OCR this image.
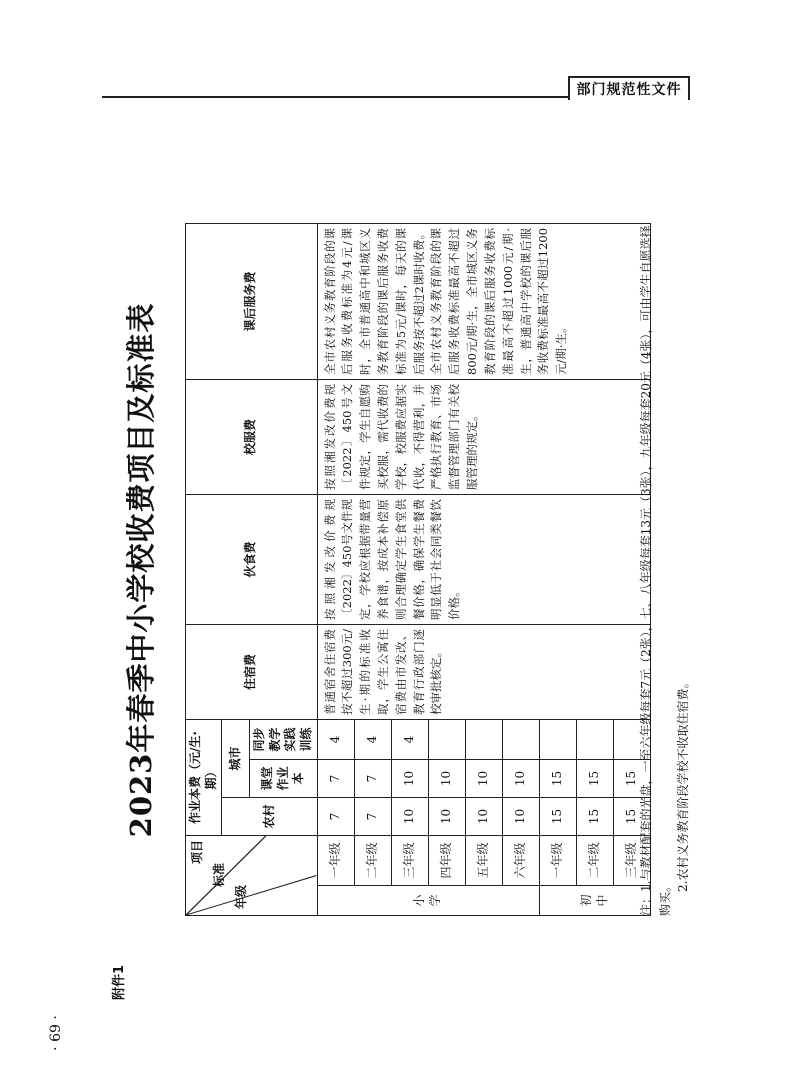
部门规范性文件
· 69 ·
附件1
2023年春季中小学校收费项目及标准表
项目
标准
年级		作业本费（元/生·期）			住宿费	伙食费	校服费	课后服务费
		农村	城市					
			课堂作业本	同步教学实践训练				
小学	一年级	7	7	4	普通宿舍住宿费按不超过300元/生·期的标准收取，学生公寓住宿费由市发改、教育行政部门逐校审批核定。	按照湘发改价费规〔2022〕450号文件规定，学校应根据带量营养食谱，按成本补偿原则合理确定学生食堂供餐价格，确保学生餐费明显低于社会同类餐饮价格。	按照湘发改价费规〔2022〕450号文件规定，学生自愿购买校服，需代收费的学校，校服费应据实代收，不得营利，并严格执行教育、市场监督管理部门有关校服管理的规定。	全市农村义务教育阶段的课后服务收费标准为4元/课时，全市普通高中和城区义务教育阶段的课后服务收费标准为5元/课时，每天的课后服务按不超过2课时收费。全市农村义务教育阶段的课后服务收费标准最高不超过800元/期·生，全市城区义务教育阶段的课后服务收费标准最高不超过1000元/期·生，普通高中学校的课后服务收费标准最高不超过1200元/期·生。
	二年级	7	7	4				
	三年级	10	10	4				
	四年级	10	10					
	五年级	10	10					
	六年级	10	10					
初中	一年级	15	15					
	二年级	15	15					
	三年级	15	15					注：1.与教材配套的光盘，一至六年级每套7元（2张），七、八年级每套13元（3张），九年级每套20元（4张），可由学生自愿选择购买。
2.农村义务教育阶段学校不收取住宿费。
